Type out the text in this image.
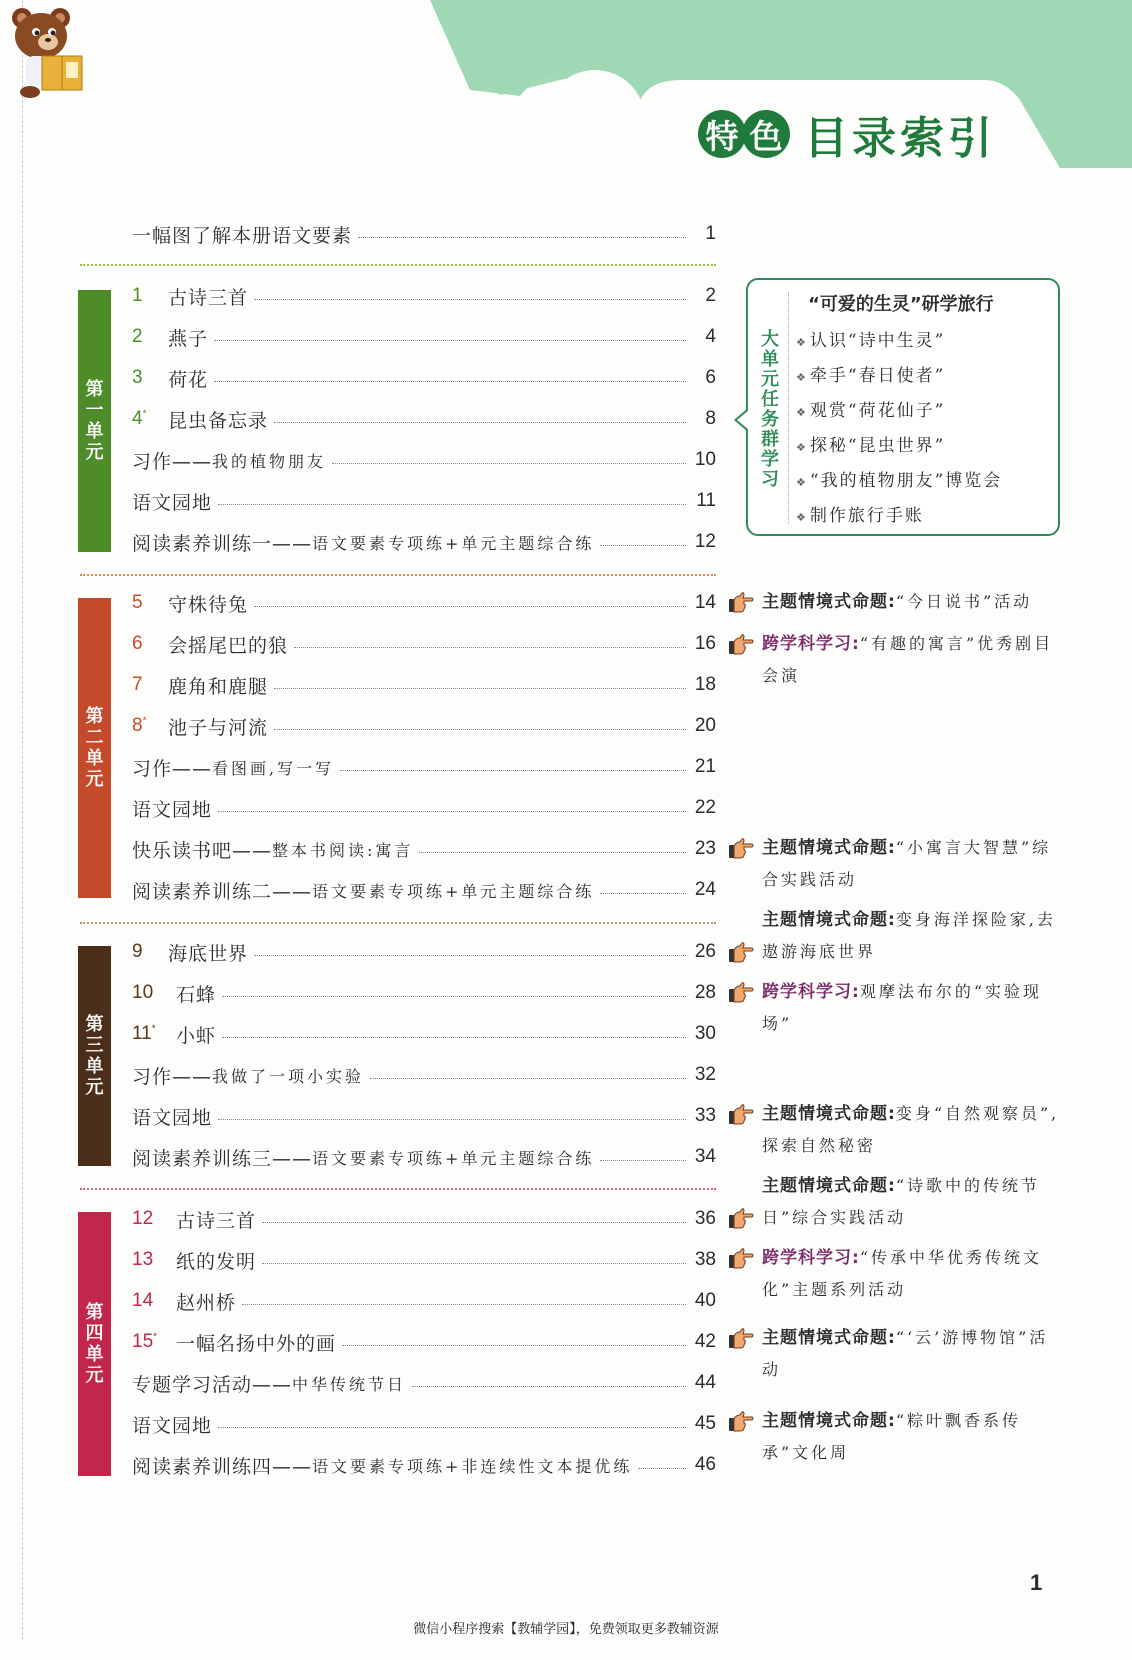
特 色 目录索引
一幅图了解本册语文要素	1
第
一
单
元
1	古诗三首	2
2	燕子	4
3	荷花	6
4*	昆虫备忘录	8
习作—— 我的植物朋友	10
语文园地	11
阅读素养训练一—— 语文要素专项练+单元主题综合练	12
第
二
单
元
5	守株待兔	14
6	会摇尾巴的狼	16
7	鹿角和鹿腿	18
8*	池子与河流	20
习作—— 看图画,写一写	21
语文园地	22
快乐读书吧—— 整本书阅读:寓言	23
阅读素养训练二—— 语文要素专项练+单元主题综合练	24
第
三
单
元
9	海底世界	26
10	石蜂	28
11*	小虾	30
习作—— 我做了一项小实验	32
语文园地	33
阅读素养训练三—— 语文要素专项练+单元主题综合练	34
第
四
单
元
12	古诗三首	36
13	纸的发明	38
14	赵州桥	40
15* 一幅名扬中外的画	42
专题学习活动—— 中华传统节日	44
语文园地	45
阅读素养训练四—— 语文要素专项练+非连续性文本提优练	46
大
单
元
任
务
群
学
习
“可爱的生灵”研学旅行
❖ 认识“诗中生灵”
❖ 牵手“春日使者”
❖ 观赏“荷花仙子”
❖ 探秘“昆虫世界”
❖ “我的植物朋友”博览会
❖ 制作旅行手账
主题情境式命题:“今日说书”活动
跨学科学习:“有趣的寓言”优秀剧目会演
主题情境式命题:“小寓言大智慧”综合实践活动
主题情境式命题:变身海洋探险家,去遨游海底世界
跨学科学习:观摩法布尔的“实验现场”
主题情境式命题:变身“自然观察员”,探索自然秘密
主题情境式命题:“诗歌中的传统节日”综合实践活动
跨学科学习:“传承中华优秀传统文化”主题系列活动
主题情境式命题:“‘云’游博物馆”活动
主题情境式命题:“粽叶飘香系传承”文化周
1
微信小程序搜索【教辅学园】，免费领取更多教辅资源
